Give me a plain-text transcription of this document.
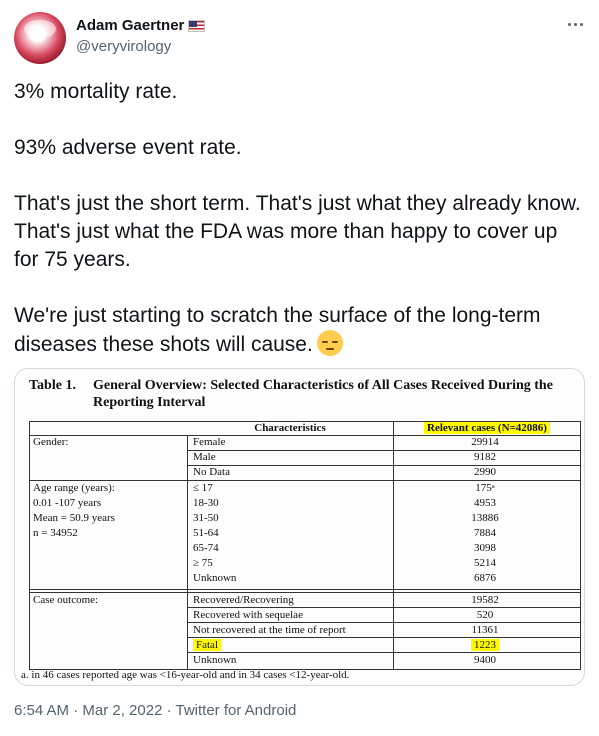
Adam Gaertner
@veryvirology

3% mortality rate.

93% adverse event rate.

That's just the short term. That's just what they already know. That's just what the FDA was more than happy to cover up for 75 years.

We're just starting to scratch the surface of the long-term diseases these shots will cause.

Table 1.	General Overview: Selected Characteristics of All Cases Received During the Reporting Interval
Characteristics	Relevant cases (N=42086)
Gender:	Female	29914
Male	9182
No Data	2990
Age range (years):
0.01 -107 years
Mean = 50.9 years
n = 34952
≤ 17	175ᵃ
18-30	4953
31-50	13886
51-64	7884
65-74	3098
≥ 75	5214
Unknown	6876
Case outcome:	Recovered/Recovering	19582
Recovered with sequelae	520
Not recovered at the time of report	11361
Fatal	1223
Unknown	9400
a. in 46 cases reported age was <16-year-old and in 34 cases <12-year-old.
6:54 AM · Mar 2, 2022 · Twitter for Android
